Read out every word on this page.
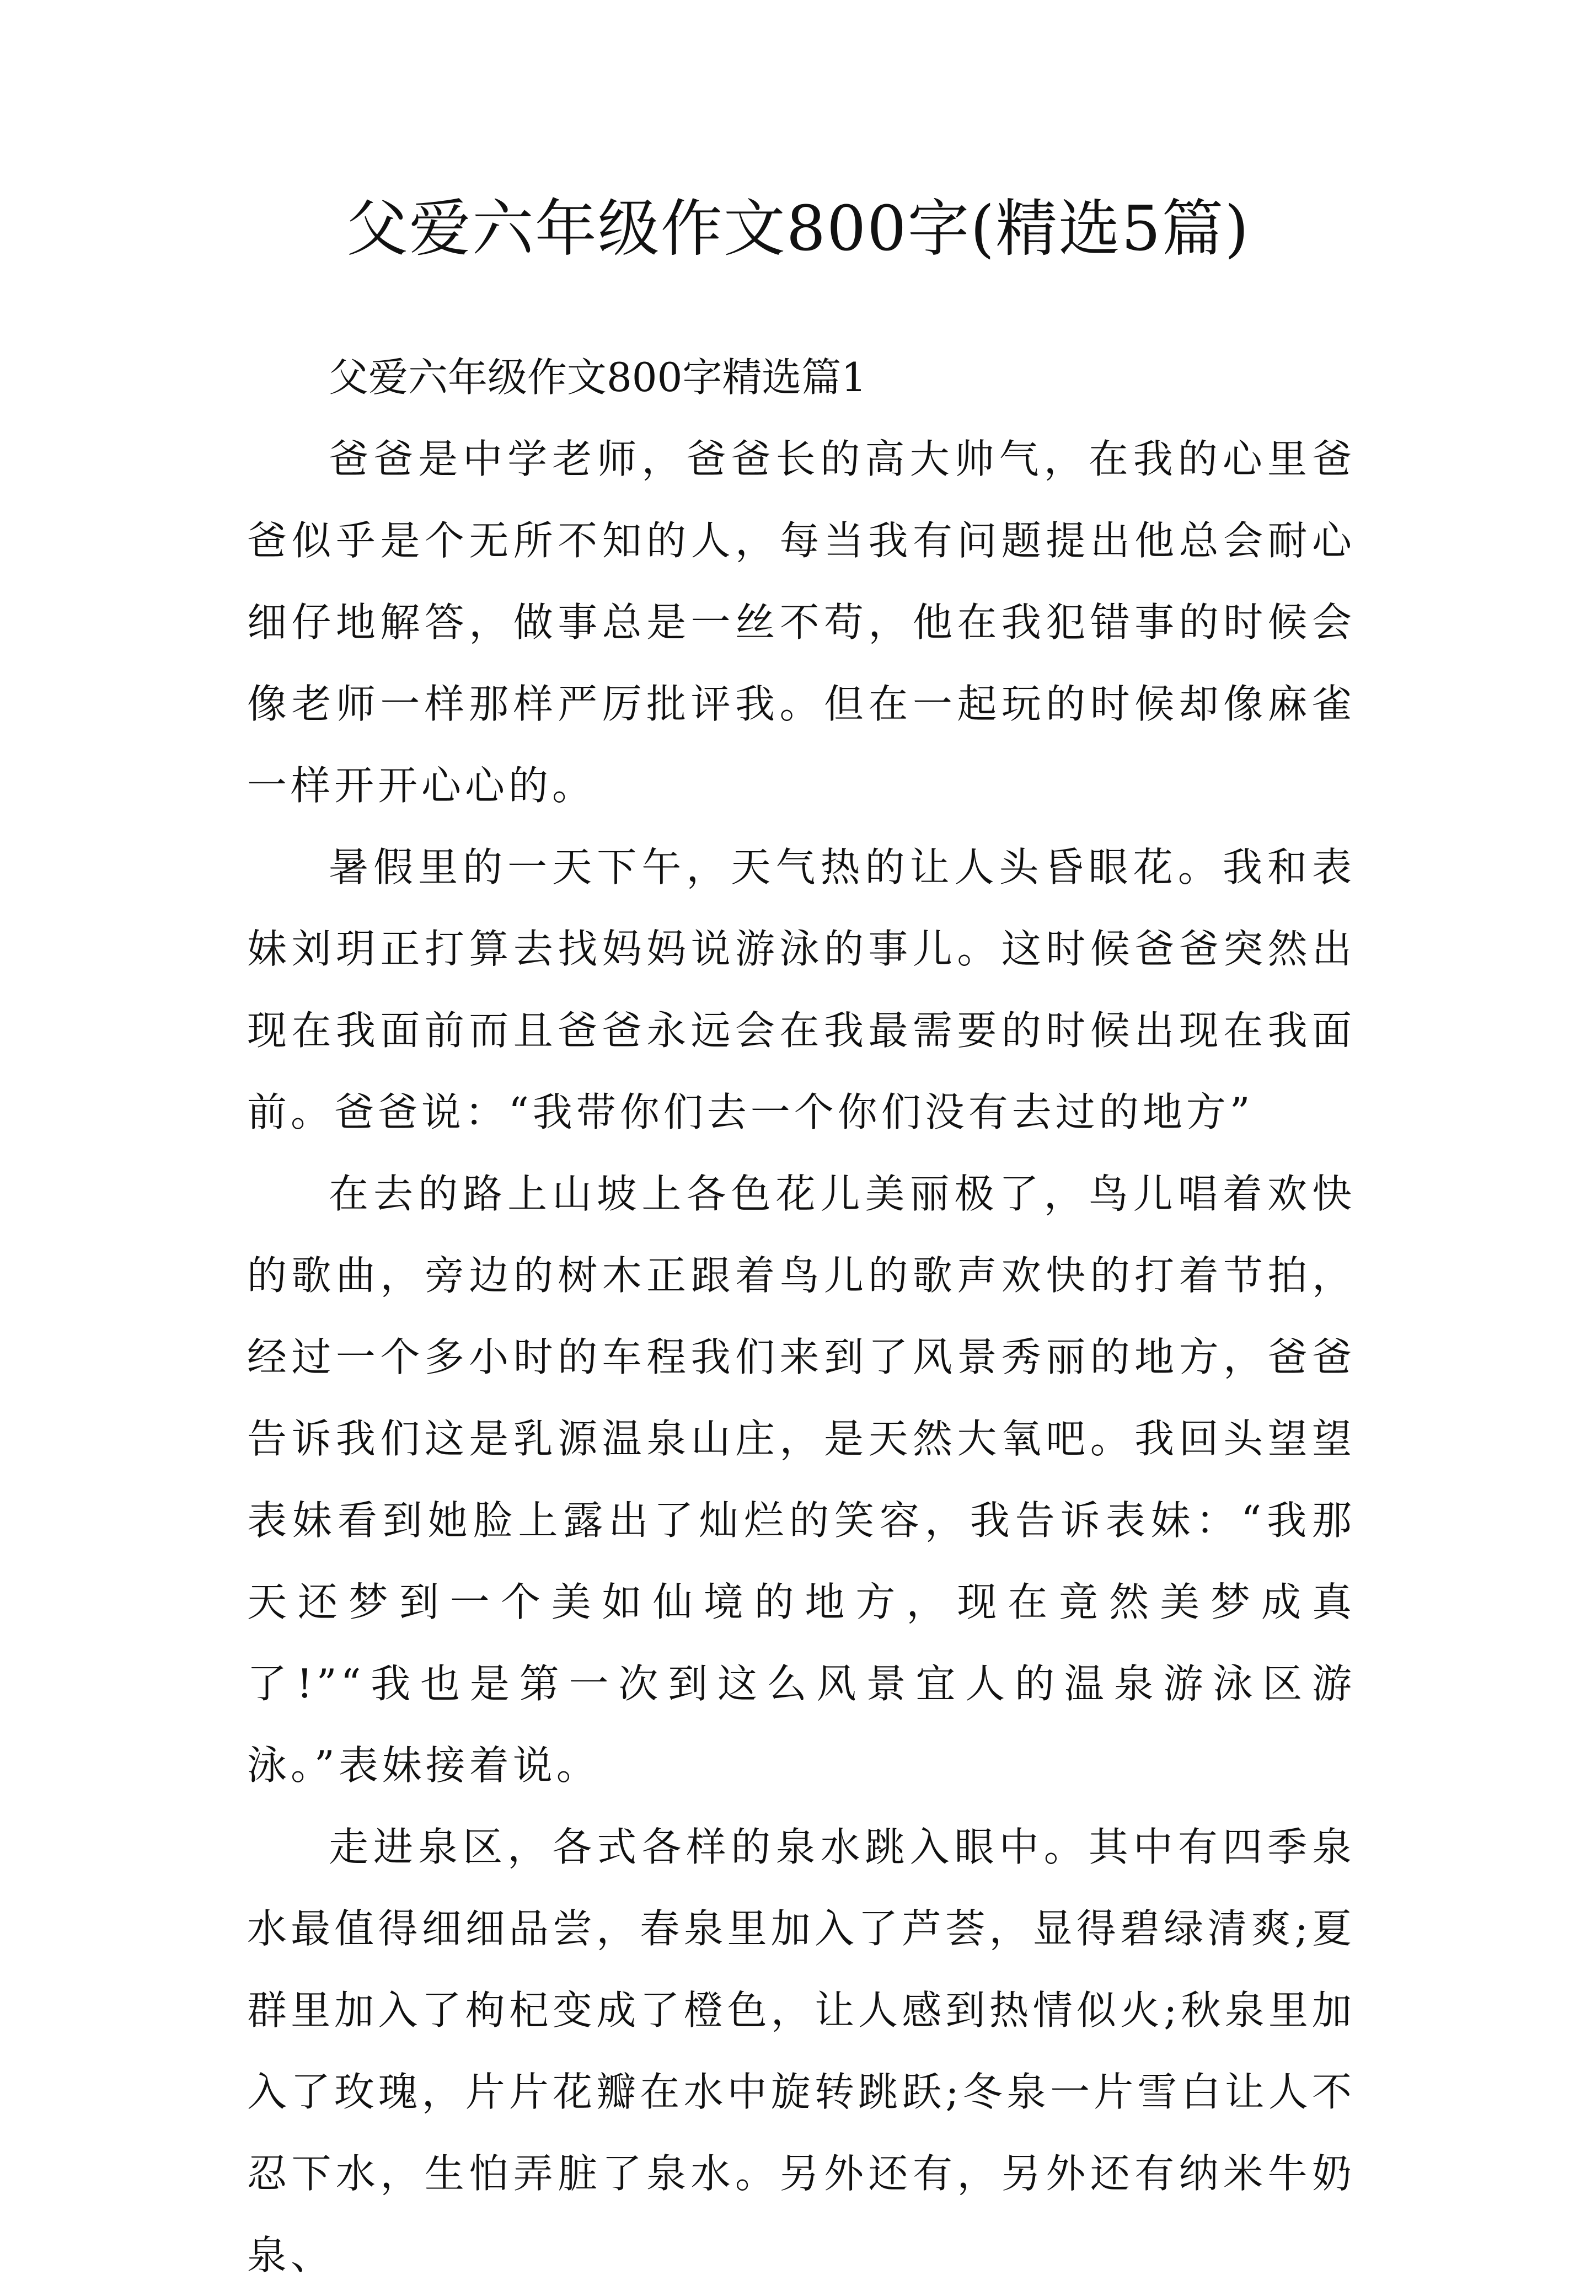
父爱六年级作文800字(精选5篇)
父爱六年级作文800字精选篇1

爸爸是中学老师，爸爸长的高大帅气，在我的心里爸爸似乎是个无所不知的人，每当我有问题提出他总会耐心细仔地解答，做事总是一丝不苟，他在我犯错事的时候会像老师一样那样严厉批评我。但在一起玩的时候却像麻雀一样开开心心的。

暑假里的一天下午，天气热的让人头昏眼花。我和表妹刘玥正打算去找妈妈说游泳的事儿。这时候爸爸突然出现在我面前而且爸爸永远会在我最需要的时候出现在我面前。爸爸说：“我带你们去一个你们没有去过的地方”

在去的路上山坡上各色花儿美丽极了，鸟儿唱着欢快的歌曲，旁边的树木正跟着鸟儿的歌声欢快的打着节拍，经过一个多小时的车程我们来到了风景秀丽的地方，爸爸告诉我们这是乳源温泉山庄，是天然大氧吧。我回头望望表妹看到她脸上露出了灿烂的笑容，我告诉表妹：“我那天还梦到一个美如仙境的地方，现在竟然美梦成真了!”“我也是第一次到这么风景宜人的温泉游泳区游泳。”表妹接着说。

走进泉区，各式各样的泉水跳入眼中。其中有四季泉水最值得细细品尝，春泉里加入了芦荟，显得碧绿清爽;夏群里加入了枸杞变成了橙色，让人感到热情似火;秋泉里加入了玫瑰，片片花瓣在水中旋转跳跃;冬泉一片雪白让人不忍下水，生怕弄脏了泉水。另外还有，另外还有纳米牛奶泉、
